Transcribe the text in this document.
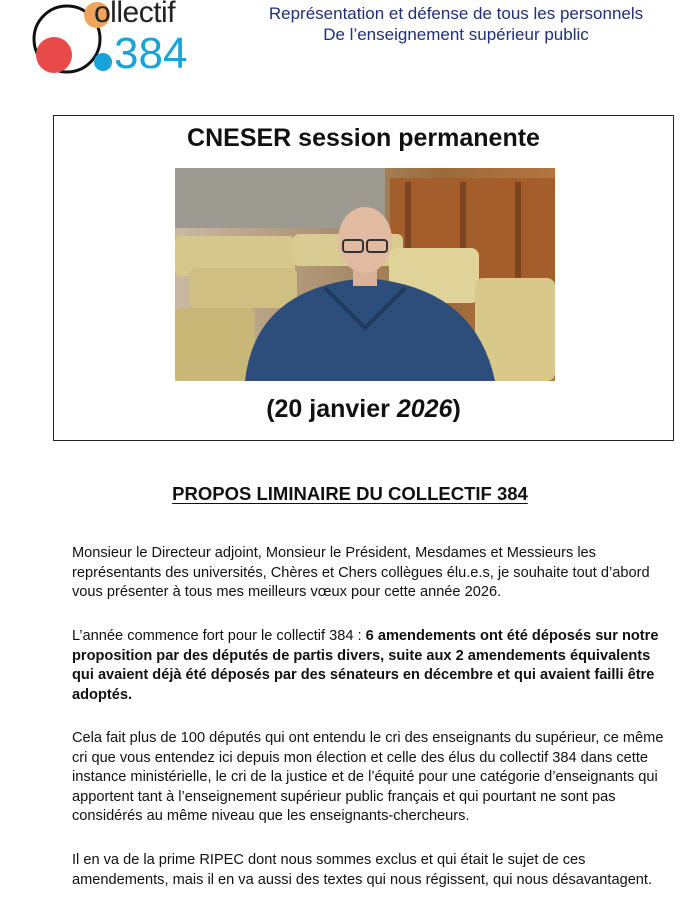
ollectif
384
Représentation et défense de tous les personnels
De l’enseignement supérieur public
CNESER session permanente
(20 janvier 2026)
PROPOS LIMINAIRE DU COLLECTIF 384

Monsieur le Directeur adjoint, Monsieur le Président, Mesdames et Messieurs les représentants des universités, Chères et Chers collègues élu.e.s, je souhaite tout d’abord vous présenter à tous mes meilleurs vœux pour cette année 2026.

L’année commence fort pour le collectif 384 : 6 amendements ont été déposés sur notre proposition par des députés de partis divers, suite aux 2 amendements équivalents qui avaient déjà été déposés par des sénateurs en décembre et qui avaient failli être adoptés.

Cela fait plus de 100 députés qui ont entendu le cri des enseignants du supérieur, ce même cri que vous entendez ici depuis mon élection et celle des élus du collectif 384 dans cette instance ministérielle, le cri de la justice et de l’équité pour une catégorie d’enseignants qui apportent tant à l’enseignement supérieur public français et qui pourtant ne sont pas considérés au même niveau que les enseignants-chercheurs.

Il en va de la prime RIPEC dont nous sommes exclus et qui était le sujet de ces amendements, mais il en va aussi des textes qui nous régissent, qui nous désavantagent.
